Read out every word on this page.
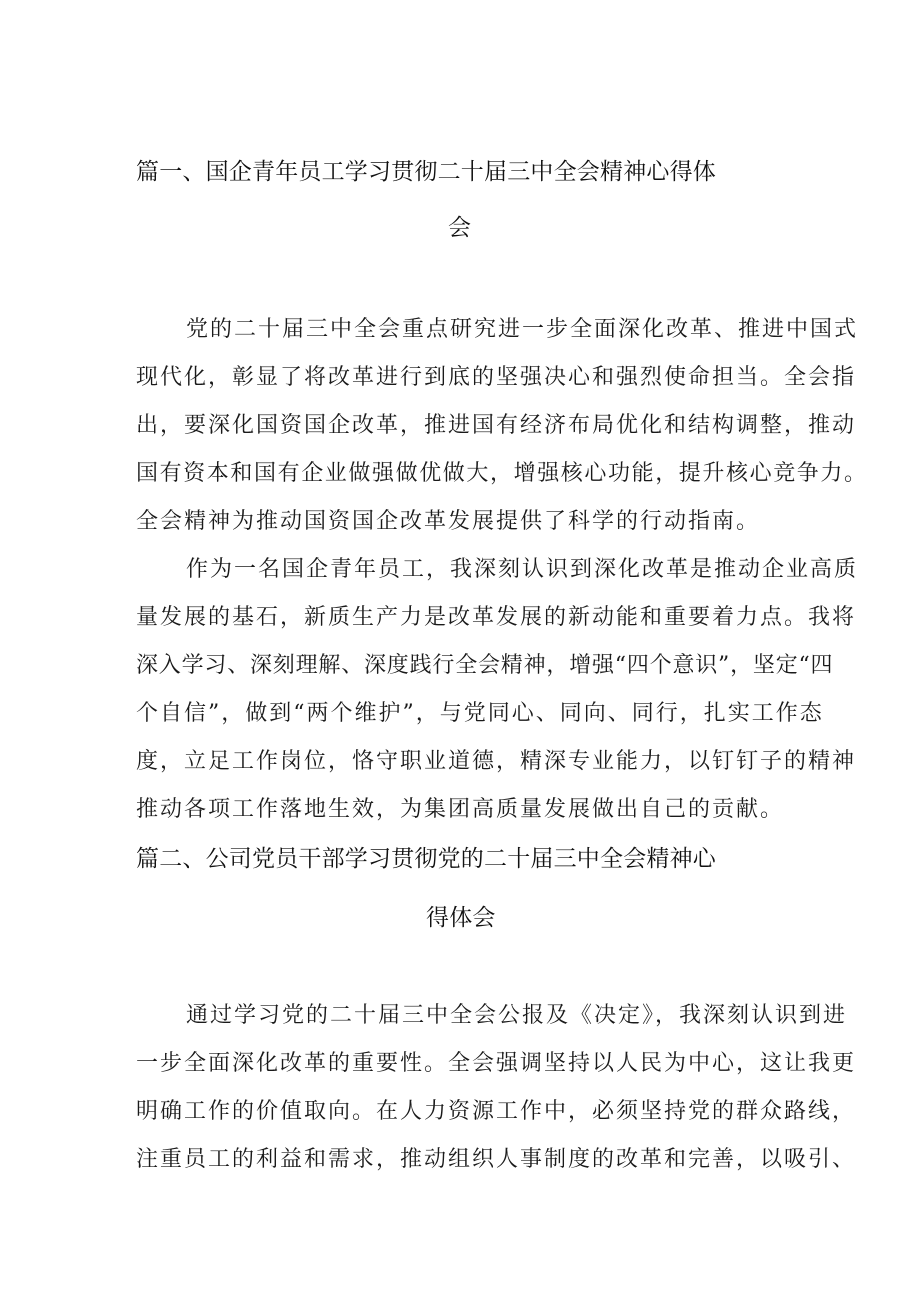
篇一、国企青年员工学习贯彻二十届三中全会精神心得体
会
党的二十届三中全会重点研究进一步全面深化改革、推进中国式
现代化，彰显了将改革进行到底的坚强决心和强烈使命担当。全会指
出，要深化国资国企改革，推进国有经济布局优化和结构调整，推动
国有资本和国有企业做强做优做大，增强核心功能，提升核心竞争力。
全会精神为推动国资国企改革发展提供了科学的行动指南。
作为一名国企青年员工，我深刻认识到深化改革是推动企业高质
量发展的基石，新质生产力是改革发展的新动能和重要着力点。我将
深入学习、深刻理解、深度践行全会精神，增强“四个意识”，坚定“四
个自信”，做到“两个维护”，与党同心、同向、同行，扎实工作态
度，立足工作岗位，恪守职业道德，精深专业能力，以钉钉子的精神
推动各项工作落地生效，为集团高质量发展做出自己的贡献。
篇二、公司党员干部学习贯彻党的二十届三中全会精神心
得体会
通过学习党的二十届三中全会公报及《决定》，我深刻认识到进
一步全面深化改革的重要性。全会强调坚持以人民为中心，这让我更
明确工作的价值取向。在人力资源工作中，必须坚持党的群众路线，
注重员工的利益和需求，推动组织人事制度的改革和完善，以吸引、
